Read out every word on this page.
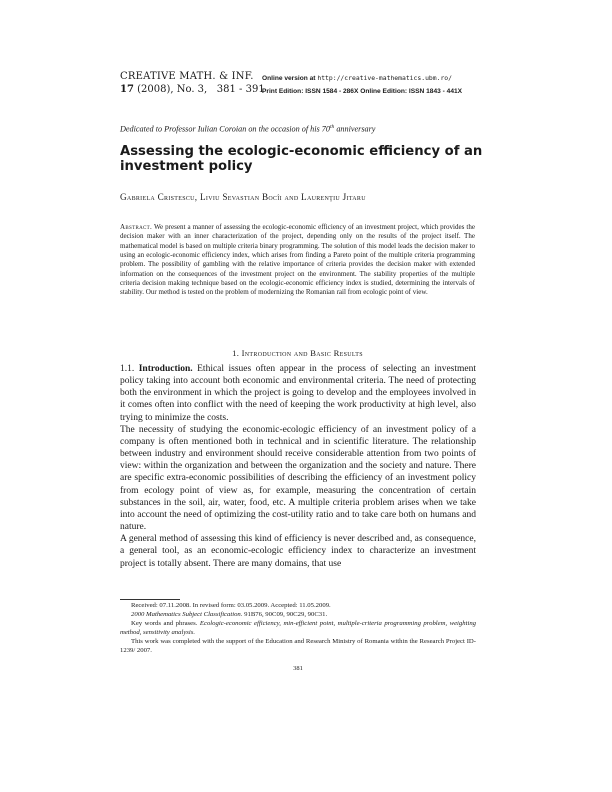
CREATIVE MATH. & INF.
17 (2008), No. 3, 381 - 391
Online version at http://creative-mathematics.ubm.ro/
Print Edition: ISSN 1584 - 286X Online Edition: ISSN 1843 - 441X
Dedicated to Professor Iulian Coroian on the occasion of his 70th anniversary
Assessing the ecologic-economic efficiency of an investment policy
Gabriela Cristescu, Liviu Sevastian Bocîi and Laurenţiu Jitaru
Abstract. We present a manner of assessing the ecologic-economic efficiency of an investment project, which provides the decision maker with an inner characterization of the project, depending only on the results of the project itself. The mathematical model is based on multiple criteria binary programming. The solution of this model leads the decision maker to using an ecologic-economic efficiency index, which arises from finding a Pareto point of the multiple criteria programming problem. The possibility of gambling with the relative importance of criteria provides the decision maker with extended information on the consequences of the investment project on the environment. The stability properties of the multiple criteria decision making technique based on the ecologic-economic efficiency index is studied, determining the intervals of stability. Our method is tested on the problem of modernizing the Romanian rail from ecologic point of view.
1. Introduction and Basic Results

1.1. Introduction. Ethical issues often appear in the process of selecting an investment policy taking into account both economic and environmental criteria. The need of protecting both the environment in which the project is going to develop and the employees involved in it comes often into conflict with the need of keeping the work productivity at high level, also trying to minimize the costs.

The necessity of studying the economic-ecologic efficiency of an investment policy of a company is often mentioned both in technical and in scientific literature. The relationship between industry and environment should receive considerable attention from two points of view: within the organization and between the organization and the society and nature. There are specific extra-economic possibilities of describing the efficiency of an investment policy from ecology point of view as, for example, measuring the concentration of certain substances in the soil, air, water, food, etc. A multiple criteria problem arises when we take into account the need of optimizing the cost-utility ratio and to take care both on humans and nature.

A general method of assessing this kind of efficiency is never described and, as consequence, a general tool, as an economic-ecologic efficiency index to characterize an investment project is totally absent. There are many domains, that use

Received: 07.11.2008. In revised form: 03.05.2009. Accepted: 11.05.2009.

2000 Mathematics Subject Classification. 91B76, 90C09, 90C29, 90C31.

Key words and phrases. Ecologic-economic efficiency, min-efficient point, multiple-criteria programming problem, weighting method, sensitivity analysis.

This work was completed with the support of the Education and Research Ministry of Romania within the Research Project ID-1239/ 2007.

381
